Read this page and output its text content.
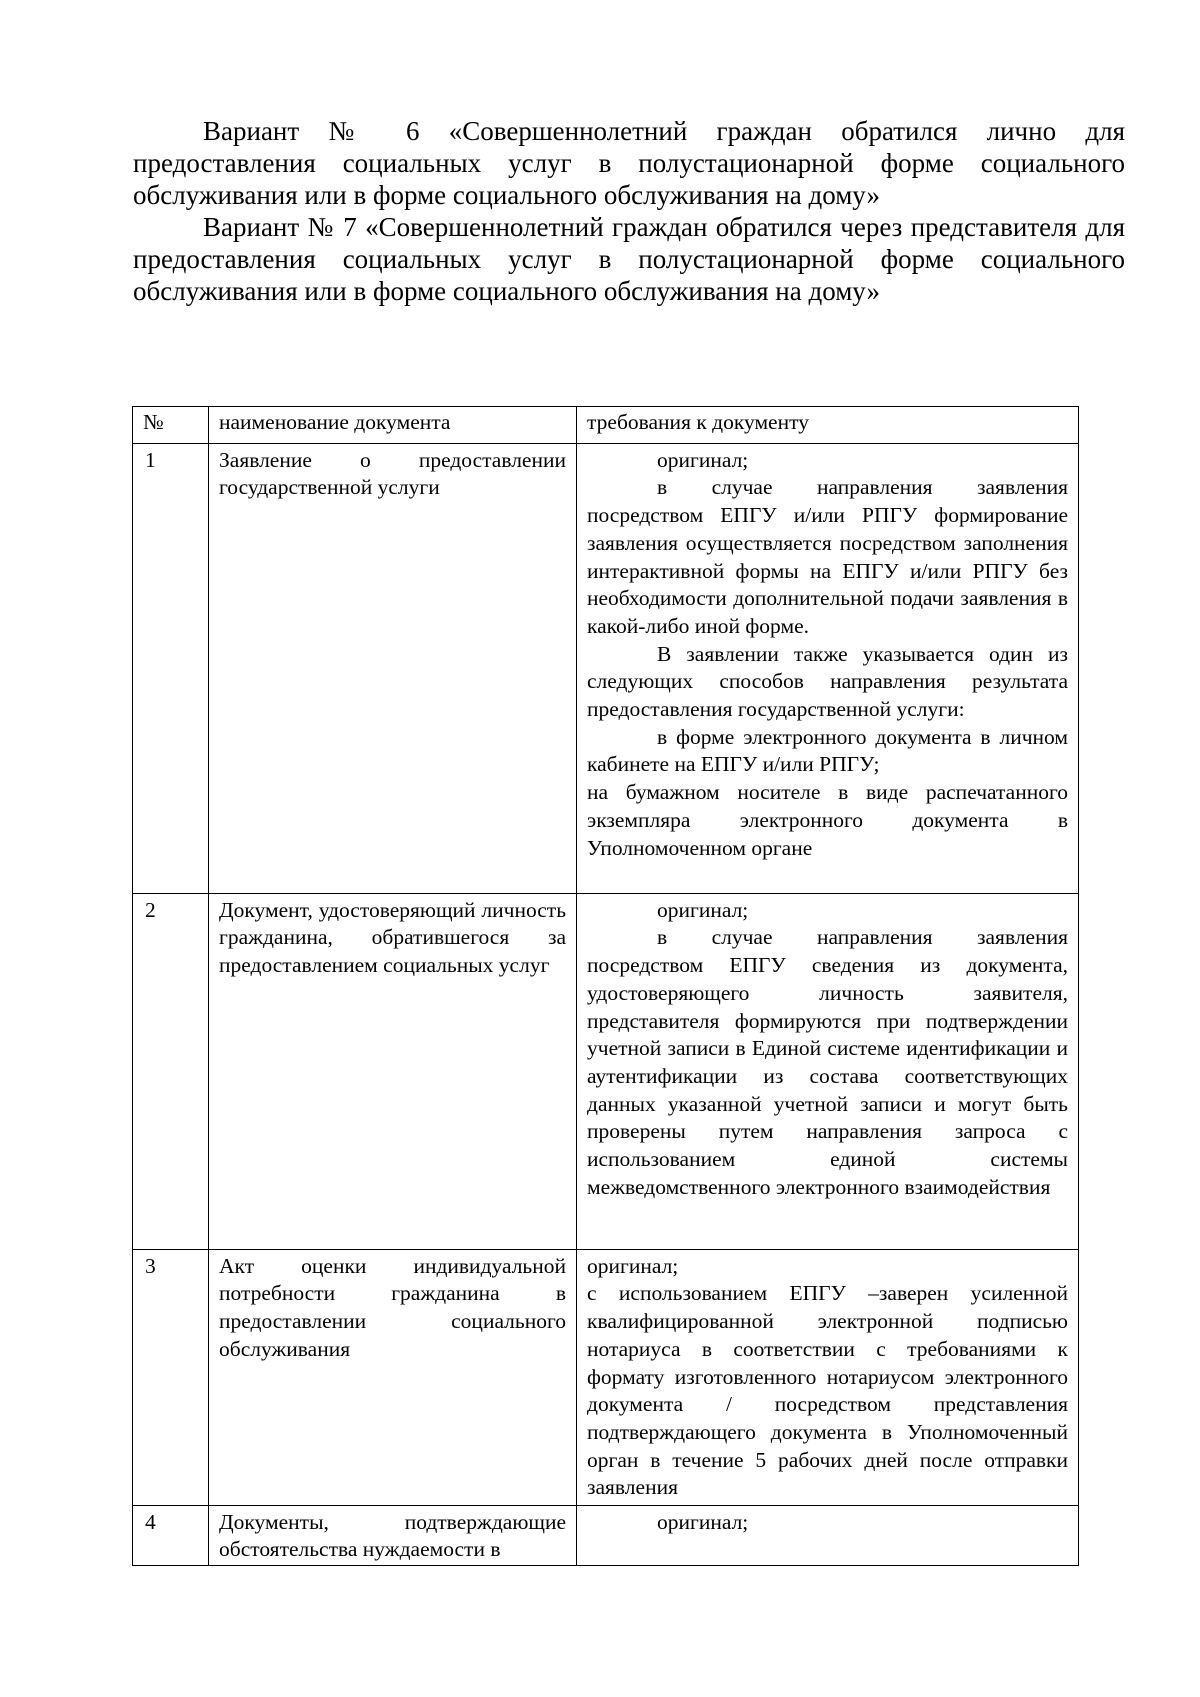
Вариант № 6 «Совершеннолетний граждан обратился лично для предоставления социальных услуг в полустационарной форме социального обслуживания или в форме социального обслуживания на дому»

Вариант № 7 «Совершеннолетний граждан обратился через представителя для предоставления социальных услуг в полустационарной форме социального обслуживания или в форме социального обслуживания на дому»

№	наименование документа	требования к документу
1	Заявление о предоставлении государственной услуги	оригинал;

в случае направления заявления посредством ЕПГУ и/или РПГУ формирование заявления осуществляется посредством заполнения интерактивной формы на ЕПГУ и/или РПГУ без необходимости дополнительной подачи заявления в какой-либо иной форме.

В заявлении также указывается один из следующих способов направления результата предоставления государственной услуги:

в форме электронного документа в личном кабинете на ЕПГУ и/или РПГУ;

на бумажном носителе в виде распечатанного экземпляра электронного документа в Уполномоченном органе

2	Документ, удостоверяющий личность гражданина, обратившегося за предоставлением социальных услуг	оригинал;

в случае направления заявления посредством ЕПГУ сведения из документа, удостоверяющего личность заявителя, представителя формируются при подтверждении учетной записи в Единой системе идентификации и аутентификации из состава соответствующих данных указанной учетной записи и могут быть проверены путем направления запроса с использованием единой системы межведомственного электронного взаимодействия

3	Акт оценки индивидуальной потребности гражданина в предоставлении социального обслуживания	оригинал;

с использованием ЕПГУ –заверен усиленной квалифицированной электронной подписью нотариуса в соответствии с требованиями к формату изготовленного нотариусом электронного документа / посредством представления подтверждающего документа в Уполномоченный орган в течение 5 рабочих дней после отправки заявления

4	Документы, подтверждающие обстоятельства нуждаемости в	оригинал;
